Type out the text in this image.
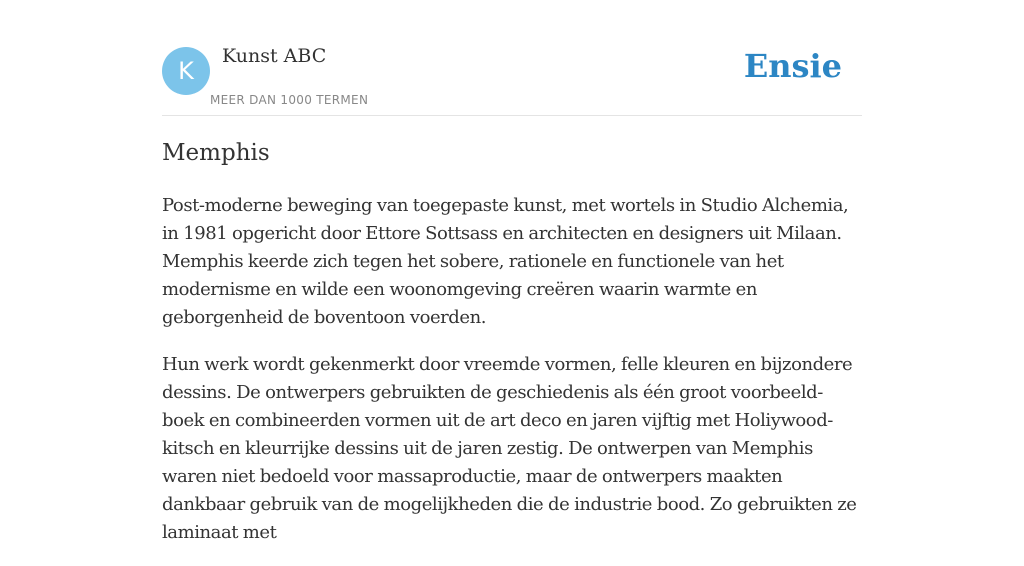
K
Kunst ABC
MEER DAN 1000 TERMEN
Ensie
Memphis

Post-moderne beweging van toegepaste kunst, met wortels in Studio Alchemia, in 1981 opgericht door Ettore Sottsass en architecten en designers uit Milaan. Memphis keerde zich tegen het sobere, rationele en functionele van het modernisme en wilde een woonomgeving creëren waarin warmte en geborgenheid de boventoon voerden.

Hun werk wordt gekenmerkt door vreemde vormen, felle kleuren en bijzondere dessins. De ontwerpers gebruikten de geschiedenis als één groot voorbeeld- boek en combineerden vormen uit de art deco en jaren vijftig met Holiywood-kitsch en kleurrijke dessins uit de jaren zestig. De ontwerpen van Memphis waren niet bedoeld voor massaproductie, maar de ontwerpers maakten dankbaar gebruik van de mogelijkheden die de industrie bood. Zo gebruikten ze laminaat met
